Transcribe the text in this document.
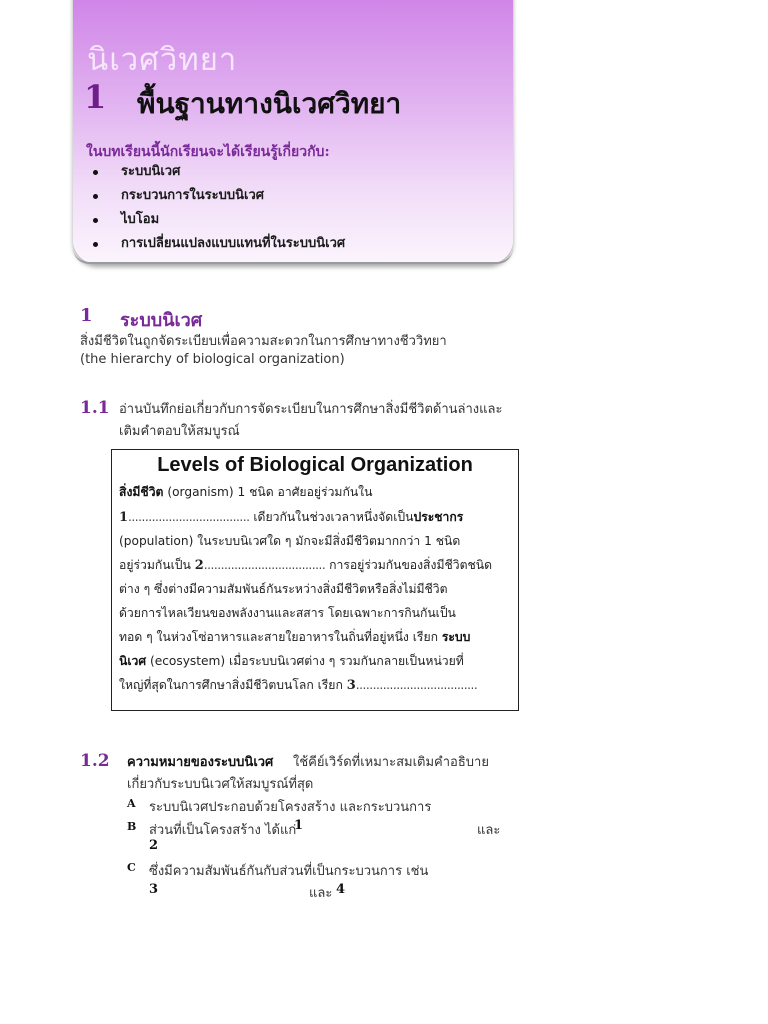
นิเวศวิทยา
1 พื้นฐานทางนิเวศวิทยา
ในบทเรียนนี้นักเรียนจะได้เรียนรู้เกี่ยวกับ:
ระบบนิเวศ
กระบวนการในระบบนิเวศ
ไบโอม
การเปลี่ยนแปลงแบบแทนที่ในระบบนิเวศ
1 ระบบนิเวศ
สิ่งมีชีวิตในถูกจัดระเบียบเพื่อความสะดวกในการศึกษาทางชีววิทยา
(the hierarchy of biological organization)
1.1 อ่านบันทึกย่อเกี่ยวกับการจัดระเบียบในการศึกษาสิ่งมีชีวิตด้านล่างและ
เติมคำตอบให้สมบูรณ์
Levels of Biological Organization
สิ่งมีชีวิต (organism) 1 ชนิด อาศัยอยู่ร่วมกันใน
1.................................... เดียวกันในช่วงเวลาหนึ่งจัดเป็นประชากร
(population) ในระบบนิเวศใด ๆ มักจะมีสิ่งมีชีวิตมากกว่า 1 ชนิด
อยู่ร่วมกันเป็น 2.................................... การอยู่ร่วมกันของสิ่งมีชีวิตชนิด
ต่าง ๆ ซึ่งต่างมีความสัมพันธ์กันระหว่างสิ่งมีชีวิตหรือสิ่งไม่มีชีวิต
ด้วยการไหลเวียนของพลังงานและสสาร โดยเฉพาะการกินกันเป็น
ทอด ๆ ในห่วงโซ่อาหารและสายใยอาหารในถิ่นที่อยู่หนึ่ง เรียก ระบบ
นิเวศ (ecosystem) เมื่อระบบนิเวศต่าง ๆ รวมกันกลายเป็นหน่วยที่
ใหญ่ที่สุดในการศึกษาสิ่งมีชีวิตบนโลก เรียก 3....................................
1.2 ความหมายของระบบนิเวศ ใช้คีย์เวิร์ดที่เหมาะสมเติมคำอธิบาย
เกี่ยวกับระบบนิเวศให้สมบูรณ์ที่สุด
A ระบบนิเวศประกอบด้วยโครงสร้าง และกระบวนการ
B ส่วนที่เป็นโครงสร้าง ได้แก่
1	และ
2
C ซึ่งมีความสัมพันธ์กันกับส่วนที่เป็นกระบวนการ เช่น
3	และ 4
